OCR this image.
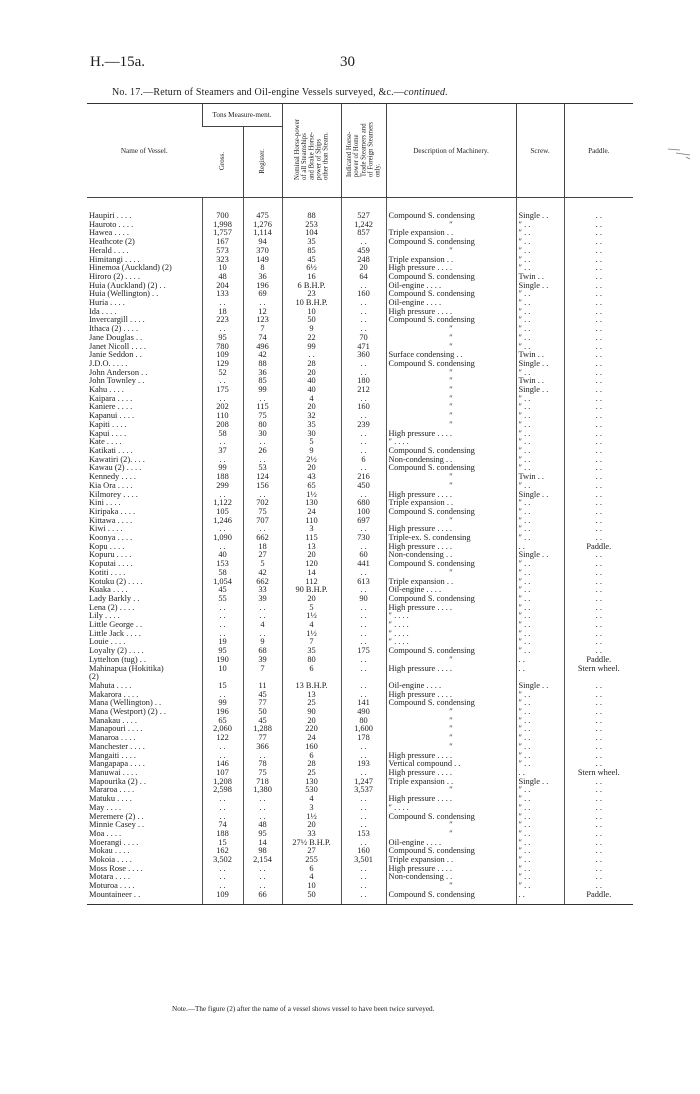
H.—15a.	30
No. 17.—Return of Steamers and Oil-engine Vessels surveyed, &c.—continued.
Name of Vessel.	Tons Measure-ment.		Nominal Horse-power
of all Steamships
and Brake Horse-
power of Ships
other than Steam.	Indicated Horse-
power of Home
Trade Steamers and
of Foreign Steamers
only.	Description of Machinery.	Screw.	Paddle.
	Gross.	Register.					
Haupiri . . . .	700	475	88	527	Compound S. condensing	Single . .	. .
Hauroto . . . .	1,998	1,276	253	1,242	″	″ . .	. .
Hawea . . . .	1,757	1,114	104	857	Triple expansion . .	″ . .	. .
Heathcote (2)	167	94	35	. .	Compound S. condensing	″ . .	. .
Herald . . . .	573	370	85	459	″	″ . .	. .
Himitangi . . . .	323	149	45	248	Triple expansion . .	″ . .	. .
Hinemoa (Auckland) (2)	10	8	6½	20	High pressure . . . .	″ . .	. .
Hiroro (2) . . . .	48	36	16	64	Compound S. condensing	Twin . .	. .
Huia (Auckland) (2) . .	204	196	6 B.H.P.	. .	Oil-engine . . . .	Single . .	. .
Huia (Wellington) . .	133	69	23	160	Compound S. condensing	″ . .	. .
Huria . . . .	. .	. .	10 B.H.P.	. .	Oil-engine . . . .	″ . .	. .
Ida . . . .	18	12	10	. .	High pressure . . . .	″ . .	. .
Invercargill . . . .	223	123	50	. .	Compound S. condensing	″ . .	. .
Ithaca (2) . . . .	. .	7	9	. .	″	″ . .	. .
Jane Douglas . .	95	74	22	70	″	″ . .	. .
Janet Nicoll . . . .	780	496	99	471	″	″ . .	. .
Janie Seddon . .	109	42	. .	360	Surface condensing . .	Twin . .	. .
J.D.O. . . . .	129	88	28	. .	Compound S. condensing	Single . .	. .
John Anderson . .	52	36	20	. .	″	″ . .	. .
John Townley . .	. .	85	40	180	″	Twin . .	. .
Kahu . . . .	175	99	40	212	″	Single . .	. .
Kaipara . . . .	. .	. .	4	. .	″	″ . .	. .
Kaniere . . . .	202	115	20	160	″	″ . .	. .
Kapanui . . . .	110	75	32	. .	″	″ . .	. .
Kapiti . . . .	208	80	35	239	″	″ . .	. .
Kapui . . . .	58	30	30	. .	High pressure . . . .	″ . .	. .
Kate . . . .	. .	. .	5	. .	″ . . . .	″ . .	. .
Katikati . . . .	37	26	9	. .	Compound S. condensing	″ . .	. .
Kawatiri (2). . . .	. .	. .	2½	6	Non-condensing . .	″ . .	. .
Kawau (2) . . . .	99	53	20	. .	Compound S. condensing	″ . .	. .
Kennedy . . . .	188	124	43	216	″	Twin . .	. .
Kia Ora . . . .	299	156	65	450	″	″ . .	. .
Kilmorey . . . .	. .	. .	1½	. .	High pressure . . . .	Single . .	. .
Kini . . . .	1,122	702	130	680	Triple expansion . .	″ . .	. .
Kiripaka . . . .	105	75	24	100	Compound S. condensing	″ . .	. .
Kittawa . . . .	1,246	707	110	697	″	″ . .	. .
Kiwi . . . .	. .	. .	3	. .	High pressure . . . .	″ . .	. .
Koonya . . . .	1,090	662	115	730	Triple-ex. S. condensing	″ . .	. .
Kopu . . . .	. .	18	13	. .	High pressure . . . .	. .	Paddle.
Kopuru . . . .	40	27	20	60	Non-condensing . .	Single . .	. .
Koputai . . . .	153	5	120	441	Compound S. condensing	″ . .	. .
Kotiti . . . .	58	42	14	. .	″	″ . .	. .
Kotuku (2) . . . .	1,054	662	112	613	Triple expansion . .	″ . .	. .
Kuaka . . . .	45	33	90 B.H.P.	. .	Oil-engine . . . .	″ . .	. .
Lady Barkly . .	55	39	20	90	Compound S. condensing	″ . .	. .
Lena (2) . . . .	. .	. .	5	. .	High pressure . . . .	″ . .	. .
Lily . . . .	. .	. .	1½	. .	″ . . . .	″ . .	. .
Little George . .	. .	4	4	. .	″ . . . .	″ . .	. .
Little Jack . . . .	. .	. .	1½	. .	″ . . . .	″ . .	. .
Louie . . . .	19	9	7	. .	″ . . . .	″ . .	. .
Loyalty (2) . . . .	95	68	35	175	Compound S. condensing	″ . .	. .
Lyttelton (tug) . .	190	39	80	. .	″	. .	Paddle.
Mahinapua (Hokitika)	10	7	6	. .	High pressure . . . .	. .	Stern wheel.
(2)							
Mahuta . . . .	15	11	13 B.H.P.	. .	Oil-engine . . . .	Single . .	. .
Makarora . . . .	. .	45	13	. .	High pressure . . . .	″ . .	. .
Mana (Wellington) . .	99	77	25	141	Compound S. condensing	″ . .	. .
Mana (Westport) (2) . .	196	50	90	490	″	″ . .	. .
Manakau . . . .	65	45	20	80	″	″ . .	. .
Manapouri . . . .	2,060	1,288	220	1,600	″	″ . .	. .
Manaroa . . . .	122	77	24	178	″	″ . .	. .
Manchester . . . .	. .	366	160	. .	″	″ . .	. .
Mangaiti . . . .	. .	. .	6	. .	High pressure . . . .	″ . .	. .
Mangapapa . . . .	146	78	28	193	Vertical compound . .	″ . .	. .
Manuwai . . . .	107	75	25	. .	High pressure . . . .	. .	Stern wheel.
Mapourika (2) . .	1,208	718	130	1,247	Triple expansion . .	Single . .	. .
Mararoa . . . .	2,598	1,380	530	3,537	″	″ . .	. .
Matuku . . . .	. .	. .	4	. .	High pressure . . . .	″ . .	. .
May . . . .	. .	. .	3	. .	″ . . . .	″ . .	. .
Meremere (2) . .	. .	. .	1½	. .	Compound S. condensing	″ . .	. .
Minnie Casey . .	74	48	20	. .	″	″ . .	. .
Moa . . . .	188	95	33	153	″	″ . .	. .
Moerangi . . . .	15	14	27½ B.H.P.	. .	Oil-engine . . . .	″ . .	. .
Mokau . . . .	162	98	27	160	Compound S. condensing	″ . .	. .
Mokoia . . . .	3,502	2,154	255	3,501	Triple expansion . .	″ . .	. .
Moss Rose . . . .	. .	. .	6	. .	High pressure . . . .	″ . .	. .
Motara . . . .	. .	. .	4	. .	Non-condensing . .	″ . .	. .
Moturoa . . . .	. .	. .	10	. .	″	″ . .	. .
Mountaineer . .	109	66	50	. .	Compound S. condensing	. .	Paddle.
Note.—The figure (2) after the name of a vessel shows vessel to have been twice surveyed.
